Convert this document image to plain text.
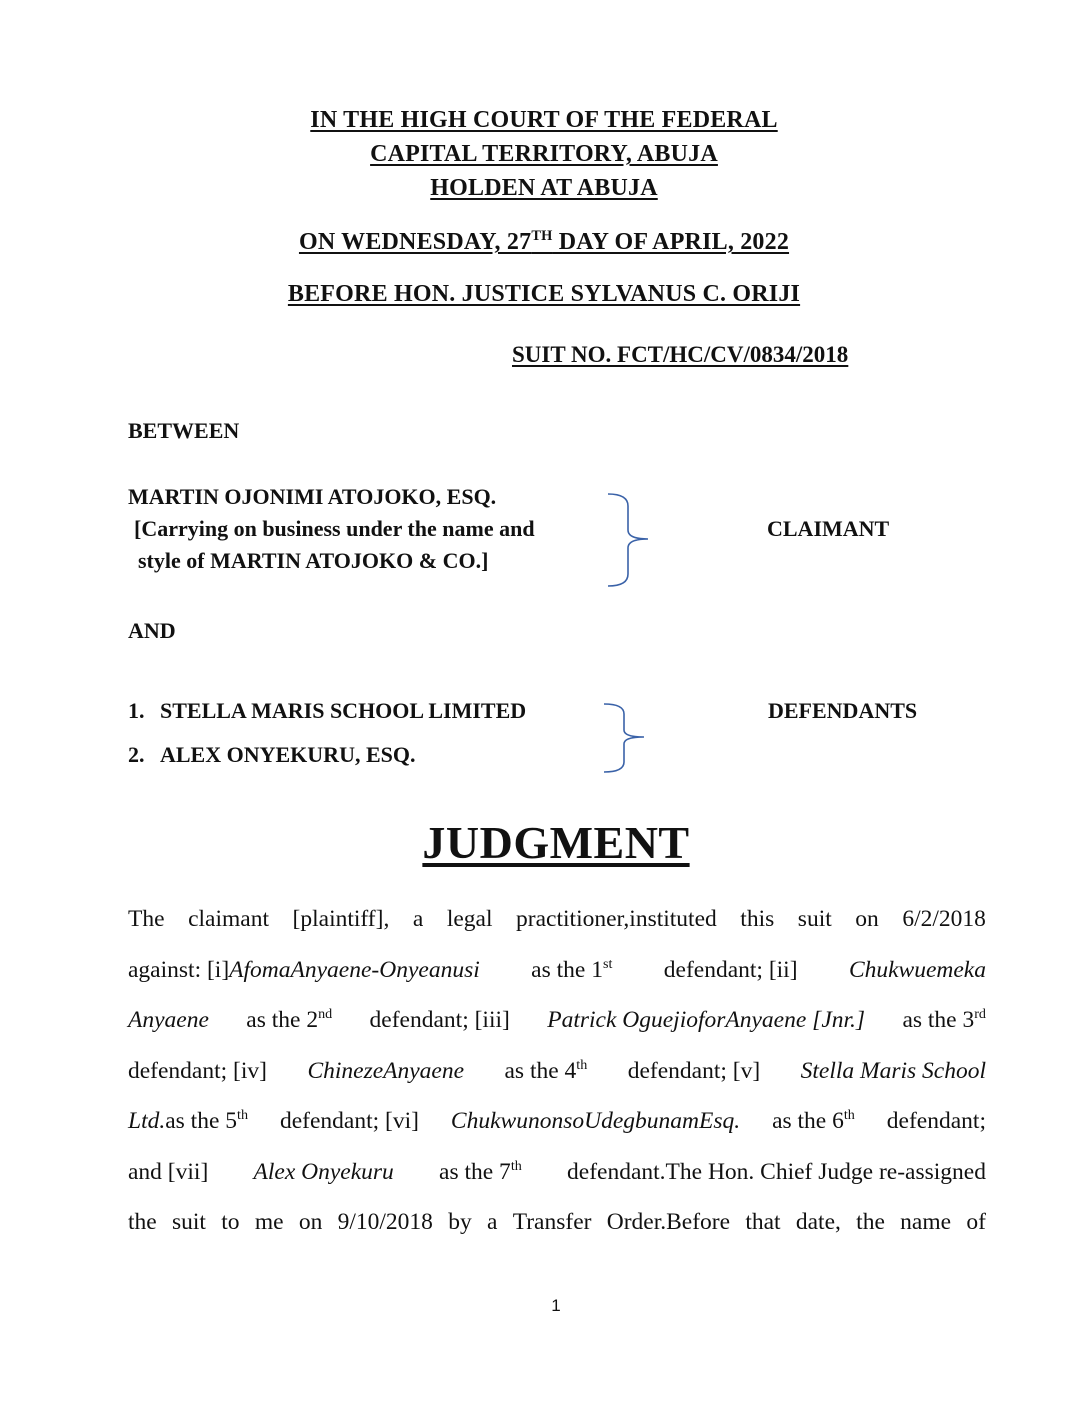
IN THE HIGH COURT OF THE FEDERAL
CAPITAL TERRITORY, ABUJA
HOLDEN AT ABUJA
ON WEDNESDAY, 27TH DAY OF APRIL, 2022
BEFORE HON. JUSTICE SYLVANUS C. ORIJI
SUIT NO. FCT/HC/CV/0834/2018
BETWEEN
MARTIN OJONIMI ATOJOKO, ESQ.
[Carrying on business under the name and
style of MARTIN ATOJOKO & CO.]
CLAIMANT
AND
1. STELLA MARIS SCHOOL LIMITED
2. ALEX ONYEKURU, ESQ.
DEFENDANTS
JUDGMENT
The claimant [plaintiff], a legal practitioner,instituted this suit on 6/2/2018
against: [i]AfomaAnyaene-Onyeanusi as the 1st defendant; [ii] Chukwuemeka
Anyaene as the 2nd defendant; [iii] Patrick OguejioforAnyaene [Jnr.] as the 3rd
defendant; [iv] ChinezeAnyaene as the 4th defendant; [v] Stella Maris School
Ltd.as the 5th defendant; [vi] ChukwunonsoUdegbunamEsq. as the 6th defendant;
and [vii] Alex Onyekuru as the 7th defendant.The Hon. Chief Judge re-assigned
the suit to me on 9/10/2018 by a Transfer Order.Before that date, the name of
1
